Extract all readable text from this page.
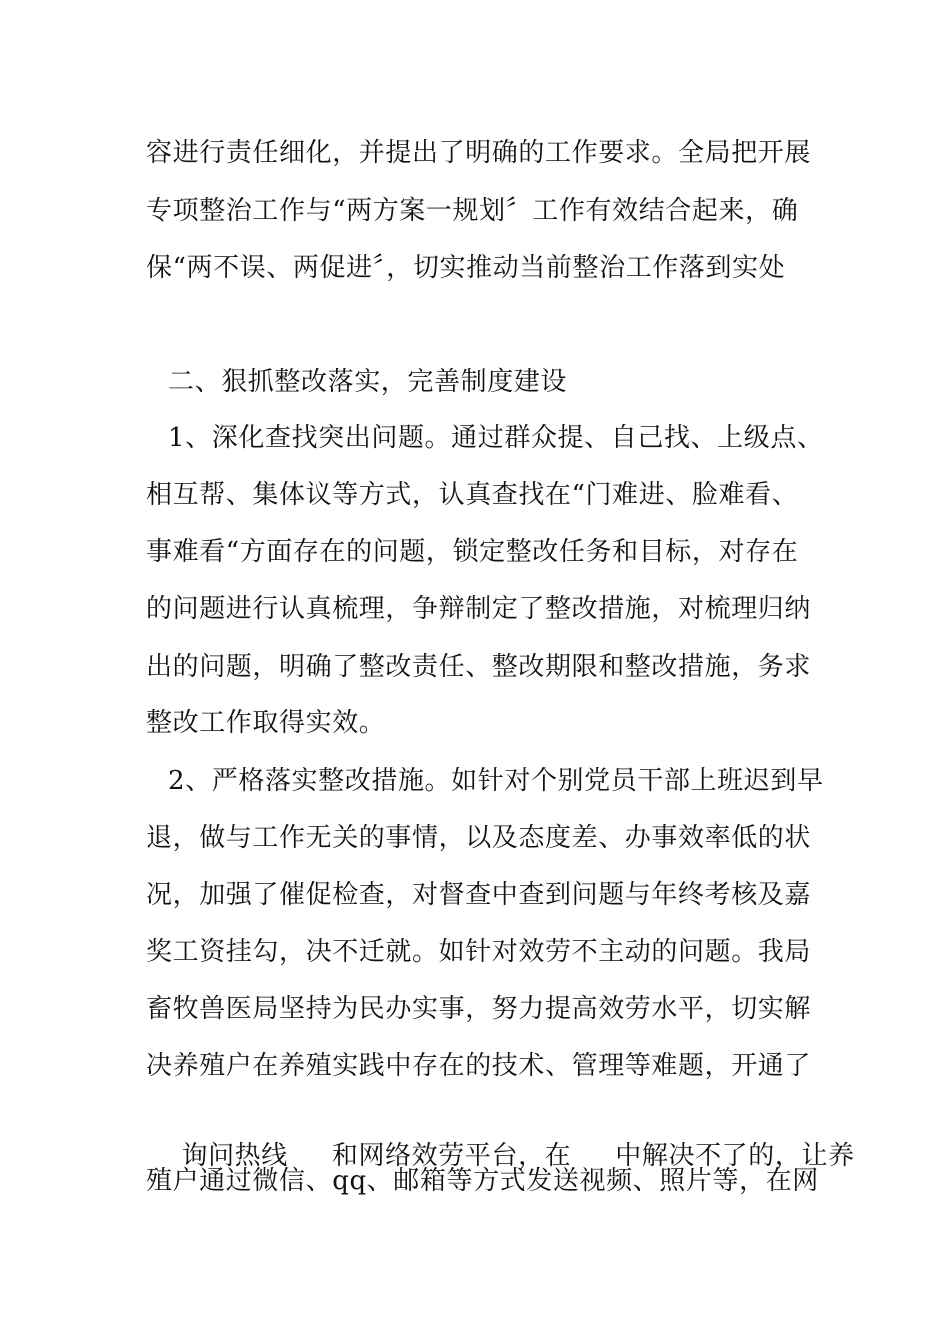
容进行责任细化，并提出了明确的工作要求。全局把开展
专项整治工作与“两方案一规划〞工作有效结合起来，确
保“两不误、两促进〞，切实推动当前整治工作落到实处
二、狠抓整改落实，完善制度建设
1、深化查找突出问题。通过群众提、自己找、上级点、
相互帮、集体议等方式，认真查找在“门难进、脸难看、
事难看“方面存在的问题，锁定整改任务和目标，对存在
的问题进行认真梳理，争辩制定了整改措施，对梳理归纳
出的问题，明确了整改责任、整改期限和整改措施，务求
整改工作取得实效。
2、严格落实整改措施。如针对个别党员干部上班迟到早
退，做与工作无关的事情，以及态度差、办事效率低的状
况，加强了催促检查，对督查中查到问题与年终考核及嘉
奖工资挂勾，决不迁就。如针对效劳不主动的问题。我局
畜牧兽医局坚持为民办实事，努力提高效劳水平，切实解
决养殖户在养殖实践中存在的技术、管理等难题，开通了

询问热线 和网络效劳平台，在 中解决不了的，让养

殖户通过微信、qq、邮箱等方式发送视频、照片等，在网
